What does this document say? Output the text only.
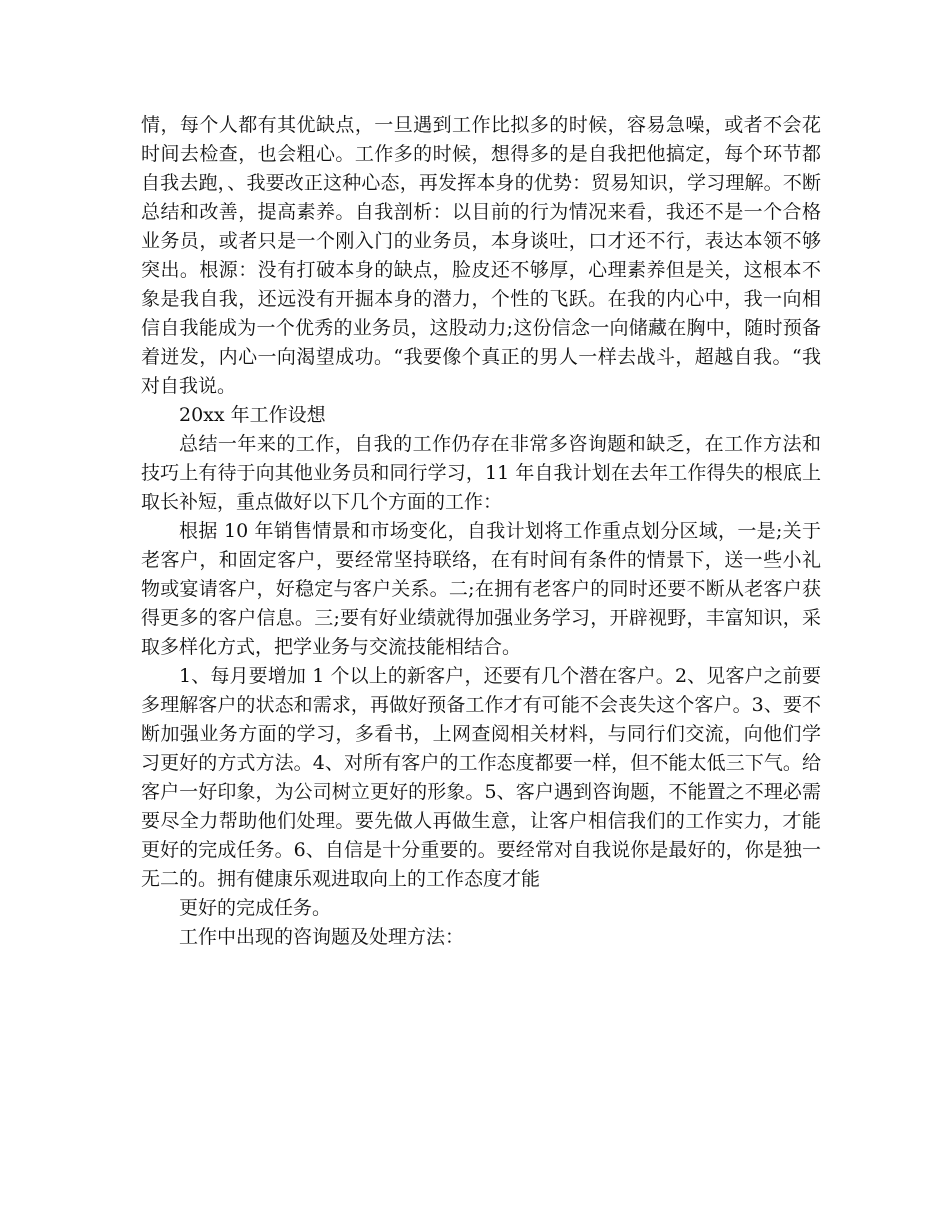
情，每个人都有其优缺点，一旦遇到工作比拟多的时候，容易急噪，或者不会花时间去检查，也会粗心。工作多的时候，想得多的是自我把他搞定，每个环节都自我去跑，、我要改正这种心态，再发挥本身的优势：贸易知识，学习理解。不断总结和改善，提高素养。自我剖析：以目前的行为情况来看，我还不是一个合格业务员，或者只是一个刚入门的业务员，本身谈吐，口才还不行，表达本领不够突出。根源：没有打破本身的缺点，脸皮还不够厚，心理素养但是关，这根本不象是我自我，还远没有开掘本身的潜力，个性的飞跃。在我的内心中，我一向相信自我能成为一个优秀的业务员，这股动力;这份信念一向储藏在胸中，随时预备着迸发，内心一向渴望成功。“我要像个真正的男人一样去战斗，超越自我。“我对自我说。

20xx 年工作设想

总结一年来的工作，自我的工作仍存在非常多咨询题和缺乏，在工作方法和技巧上有待于向其他业务员和同行学习，11 年自我计划在去年工作得失的根底上取长补短，重点做好以下几个方面的工作：

根据 10 年销售情景和市场变化，自我计划将工作重点划分区域，一是;关于老客户，和固定客户，要经常坚持联络，在有时间有条件的情景下，送一些小礼物或宴请客户，好稳定与客户关系。二;在拥有老客户的同时还要不断从老客户获得更多的客户信息。三;要有好业绩就得加强业务学习，开辟视野，丰富知识，采取多样化方式，把学业务与交流技能相结合。

1、每月要增加 1 个以上的新客户，还要有几个潜在客户。2、见客户之前要多理解客户的状态和需求，再做好预备工作才有可能不会丧失这个客户。3、要不断加强业务方面的学习，多看书，上网查阅相关材料，与同行们交流，向他们学习更好的方式方法。4、对所有客户的工作态度都要一样，但不能太低三下气。给客户一好印象，为公司树立更好的形象。5、客户遇到咨询题，不能置之不理必需要尽全力帮助他们处理。要先做人再做生意，让客户相信我们的工作实力，才能更好的完成任务。6、自信是十分重要的。要经常对自我说你是最好的，你是独一无二的。拥有健康乐观进取向上的工作态度才能

更好的完成任务。

工作中出现的咨询题及处理方法：
